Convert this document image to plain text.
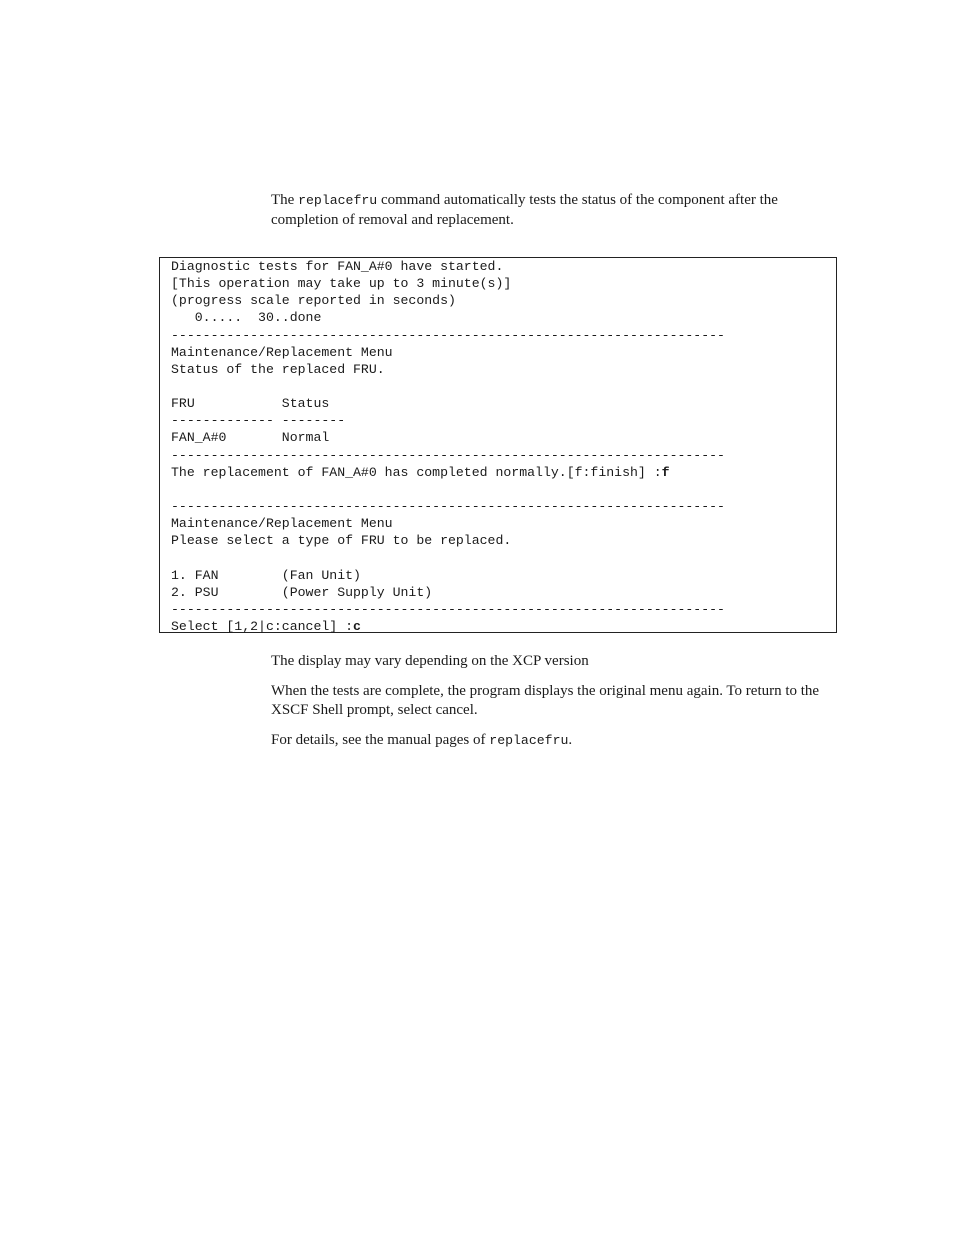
The replacefru command automatically tests the status of the component after the completion of removal and replacement.

Diagnostic tests for FAN_A#0 have started.
[This operation may take up to 3 minute(s)]
(progress scale reported in seconds)
0.....  30..done
----------------------------------------------------------------------
Maintenance/Replacement Menu
Status of the replaced FRU.
FRU           Status
------------- --------
FAN_A#0       Normal
----------------------------------------------------------------------
The replacement of FAN_A#0 has completed normally.[f:finish] :f
----------------------------------------------------------------------
Maintenance/Replacement Menu
Please select a type of FRU to be replaced.
1. FAN        (Fan Unit)
2. PSU        (Power Supply Unit)
----------------------------------------------------------------------
Select [1,2|c:cancel] :c

The display may vary depending on the XCP version

When the tests are complete, the program displays the original menu again. To return to the XSCF Shell prompt, select cancel.

For details, see the manual pages of replacefru.
